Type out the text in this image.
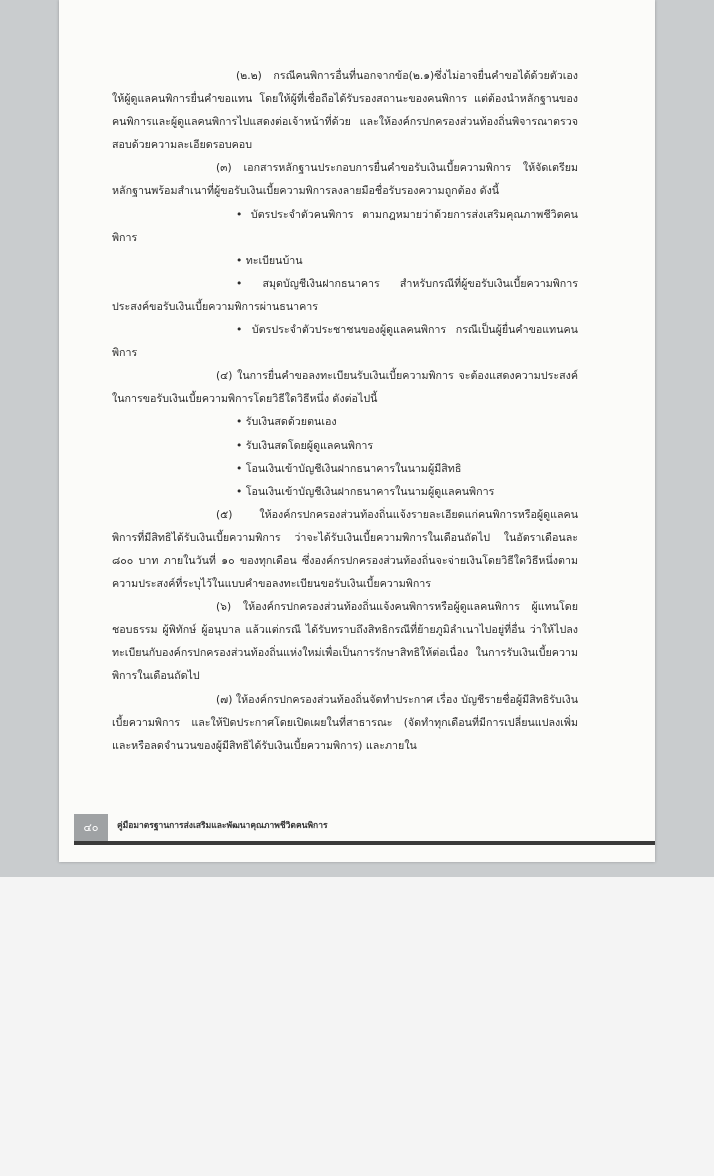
(๒.๒) กรณีคนพิการอื่นที่นอกจากข้อ(๒.๑)ซึ่งไม่อาจยื่นคำขอได้ด้วยตัวเอง ให้ผู้ดูแลคนพิการยื่นคำขอแทน โดยให้ผู้ที่เชื่อถือได้รับรองสถานะของคนพิการ แต่ต้องนำหลักฐานของคนพิการและผู้ดูแลคนพิการไปแสดงต่อเจ้าหน้าที่ด้วย และให้องค์กรปกครองส่วนท้องถิ่นพิจารณาตรวจสอบด้วยความละเอียดรอบคอบ

(๓) เอกสารหลักฐานประกอบการยื่นคำขอรับเงินเบี้ยความพิการ ให้จัดเตรียมหลักฐานพร้อมสำเนาที่ผู้ขอรับเงินเบี้ยความพิการลงลายมือชื่อรับรองความถูกต้อง ดังนี้

• บัตรประจำตัวคนพิการ ตามกฎหมายว่าด้วยการส่งเสริมคุณภาพชีวิตคนพิการ

• ทะเบียนบ้าน

• สมุดบัญชีเงินฝากธนาคาร สำหรับกรณีที่ผู้ขอรับเงินเบี้ยความพิการประสงค์ขอรับเงินเบี้ยความพิการผ่านธนาคาร

• บัตรประจำตัวประชาชนของผู้ดูแลคนพิการ กรณีเป็นผู้ยื่นคำขอแทนคนพิการ

(๔) ในการยื่นคำขอลงทะเบียนรับเงินเบี้ยความพิการ จะต้องแสดงความประสงค์ในการขอรับเงินเบี้ยความพิการโดยวิธีใดวิธีหนึ่ง ดังต่อไปนี้

• รับเงินสดด้วยตนเอง

• รับเงินสดโดยผู้ดูแลคนพิการ

• โอนเงินเข้าบัญชีเงินฝากธนาคารในนามผู้มีสิทธิ

• โอนเงินเข้าบัญชีเงินฝากธนาคารในนามผู้ดูแลคนพิการ

(๕) ให้องค์กรปกครองส่วนท้องถิ่นแจ้งรายละเอียดแก่คนพิการหรือผู้ดูแลคนพิการที่มีสิทธิได้รับเงินเบี้ยความพิการ ว่าจะได้รับเงินเบี้ยความพิการในเดือนถัดไป ในอัตราเดือนละ ๘๐๐ บาท ภายในวันที่ ๑๐ ของทุกเดือน ซึ่งองค์กรปกครองส่วนท้องถิ่นจะจ่ายเงินโดยวิธีใดวิธีหนึ่งตามความประสงค์ที่ระบุไว้ในแบบคำขอลงทะเบียนขอรับเงินเบี้ยความพิการ

(๖) ให้องค์กรปกครองส่วนท้องถิ่นแจ้งคนพิการหรือผู้ดูแลคนพิการ ผู้แทนโดยชอบธรรม ผู้พิทักษ์ ผู้อนุบาล แล้วแต่กรณี ได้รับทราบถึงสิทธิกรณีที่ย้ายภูมิลำเนาไปอยู่ที่อื่น ว่าให้ไปลงทะเบียนกับองค์กรปกครองส่วนท้องถิ่นแห่งใหม่เพื่อเป็นการรักษาสิทธิให้ต่อเนื่อง ในการรับเงินเบี้ยความพิการในเดือนถัดไป

(๗) ให้องค์กรปกครองส่วนท้องถิ่นจัดทำประกาศ เรื่อง บัญชีรายชื่อผู้มีสิทธิรับเงินเบี้ยความพิการ และให้ปิดประกาศโดยเปิดเผยในที่สาธารณะ (จัดทำทุกเดือนที่มีการเปลี่ยนแปลงเพิ่มและหรือลดจำนวนของผู้มีสิทธิได้รับเงินเบี้ยความพิการ) และภายใน

๔๐	คู่มือมาตรฐานการส่งเสริมและพัฒนาคุณภาพชีวิตคนพิการ
